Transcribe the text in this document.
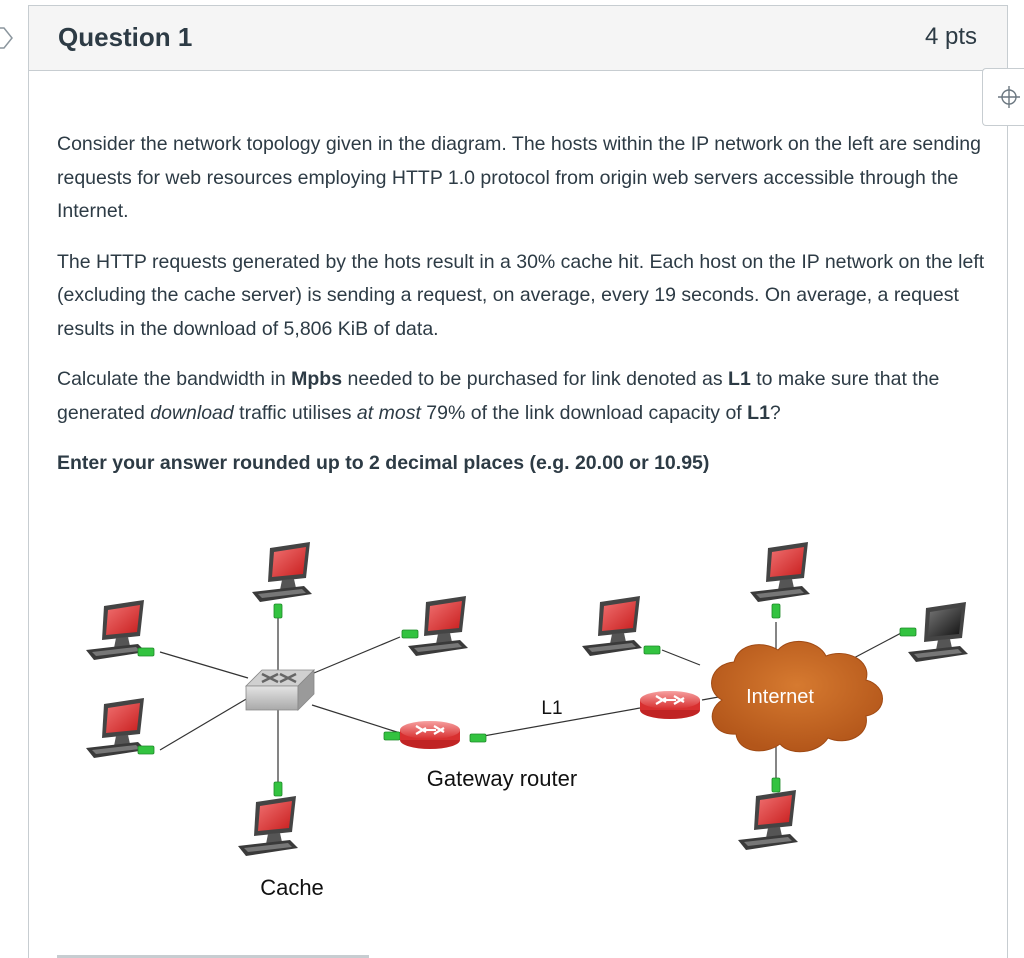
Question 1	4 pts

Consider the network topology given in the diagram. The hosts within the IP network on the left are sending requests for web resources employing HTTP 1.0 protocol from origin web servers accessible through the Internet.

The HTTP requests generated by the hots result in a 30% cache hit. Each host on the IP network on the left (excluding the cache server) is sending a request, on average, every 19 seconds. On average, a request results in the download of 5,806 KiB of data.

Calculate the bandwidth in Mpbs needed to be purchased for link denoted as L1 to make sure that the generated download traffic utilises at most 79% of the link download capacity of L1?

Enter your answer rounded up to 2 decimal places (e.g. 20.00 or 10.95)

Cache
Gateway router
L1
Internet
